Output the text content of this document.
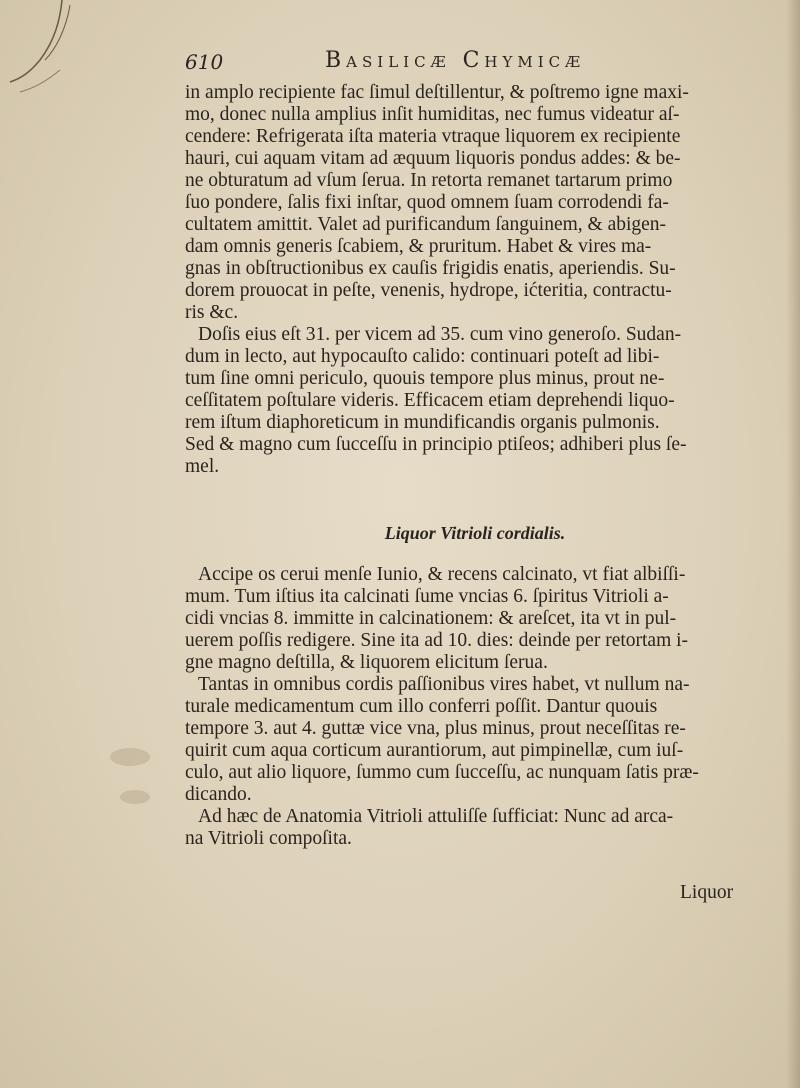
610	Basilicæ Chymicæ
in amplo recipiente fac ſimul deſtillentur, & poſtremo igne maxi-
mo, donec nulla amplius inſit humiditas, nec fumus videatur aſ-
cendere: Refrigerata iſta materia vtraque liquorem ex recipiente
hauri, cui aquam vitam ad æquum liquoris pondus addes: & be-
ne obturatum ad vſum ſerua. In retorta remanet tartarum primo
ſuo pondere, ſalis fixi inſtar, quod omnem ſuam corrodendi fa-
cultatem amittit. Valet ad purificandum ſanguinem, & abigen-
dam omnis generis ſcabiem, & pruritum. Habet & vires ma-
gnas in obſtructionibus ex cauſis frigidis enatis, aperiendis. Su-
dorem prouocat in peſte, venenis, hydrope, ićteritia, contractu-
ris &c.
Doſis eius eſt 31. per vicem ad 35. cum vino generoſo. Sudan-
dum in lecto, aut hypocauſto calido: continuari poteſt ad libi-
tum ſine omni periculo, quouis tempore plus minus, prout ne-
ceſſitatem poſtulare videris. Efficacem etiam deprehendi liquo-
rem iſtum diaphoreticum in mundificandis organis pulmonis.
Sed & magno cum ſucceſſu in principio ptiſeos; adhiberi plus ſe-
mel.
Liquor Vitrioli cordialis.
Accipe os cerui menſe Iunio, & recens calcinato, vt fiat albiſſi-
mum. Tum iſtius ita calcinati ſume vncias 6. ſpiritus Vitrioli a-
cidi vncias 8. immitte in calcinationem: & areſcet, ita vt in pul-
uerem poſſis redigere. Sine ita ad 10. dies: deinde per retortam i-
gne magno deſtilla, & liquorem elicitum ſerua.
Tantas in omnibus cordis paſſionibus vires habet, vt nullum na-
turale medicamentum cum illo conferri poſſit. Dantur quouis
tempore 3. aut 4. guttæ vice vna, plus minus, prout neceſſitas re-
quirit cum aqua corticum aurantiorum, aut pimpinellæ, cum iuſ-
culo, aut alio liquore, ſummo cum ſucceſſu, ac nunquam ſatis præ-
dicando.
Ad hæc de Anatomia Vitrioli attuliſſe ſufficiat: Nunc ad arca-
na Vitrioli compoſita.
Liquor
